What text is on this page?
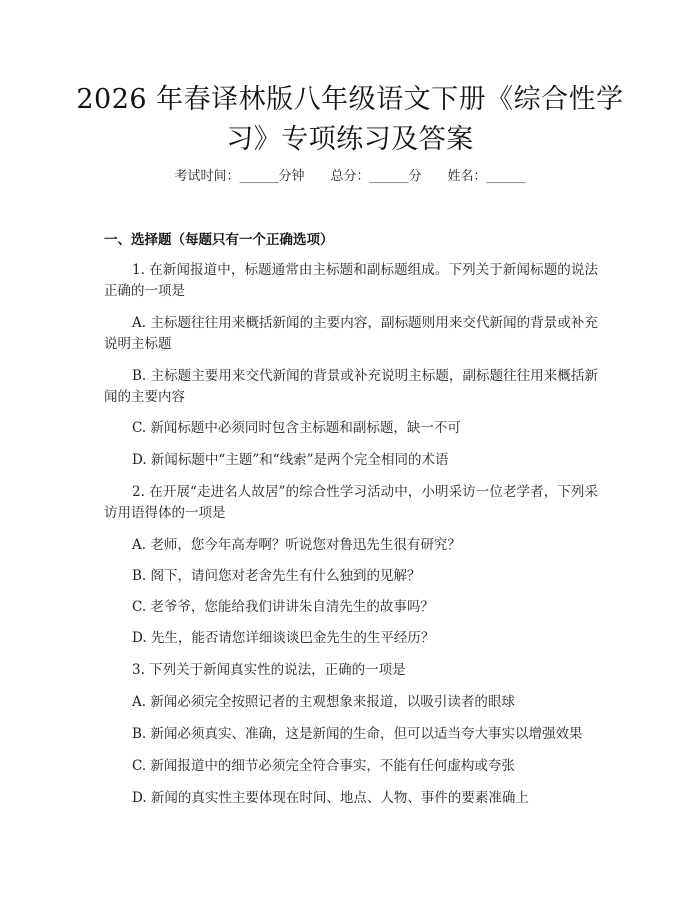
2026 年春译林版八年级语文下册《综合性学
习》专项练习及答案
考试时间：______分钟 总分：______分 姓名：______
一、选择题（每题只有一个正确选项）
1. 在新闻报道中，标题通常由主标题和副标题组成。下列关于新闻标题的说法正确的一项是
A. 主标题往往用来概括新闻的主要内容，副标题则用来交代新闻的背景或补充说明主标题
B. 主标题主要用来交代新闻的背景或补充说明主标题，副标题往往用来概括新闻的主要内容
C. 新闻标题中必须同时包含主标题和副标题，缺一不可
D. 新闻标题中“主题”和“线索”是两个完全相同的术语
2. 在开展“走进名人故居”的综合性学习活动中，小明采访一位老学者，下列采访用语得体的一项是
A. 老师，您今年高寿啊？听说您对鲁迅先生很有研究？
B. 阁下，请问您对老舍先生有什么独到的见解？
C. 老爷爷，您能给我们讲讲朱自清先生的故事吗？
D. 先生，能否请您详细谈谈巴金先生的生平经历？
3. 下列关于新闻真实性的说法，正确的一项是
A. 新闻必须完全按照记者的主观想象来报道，以吸引读者的眼球
B. 新闻必须真实、准确，这是新闻的生命，但可以适当夸大事实以增强效果
C. 新闻报道中的细节必须完全符合事实，不能有任何虚构或夸张
D. 新闻的真实性主要体现在时间、地点、人物、事件的要素准确上
